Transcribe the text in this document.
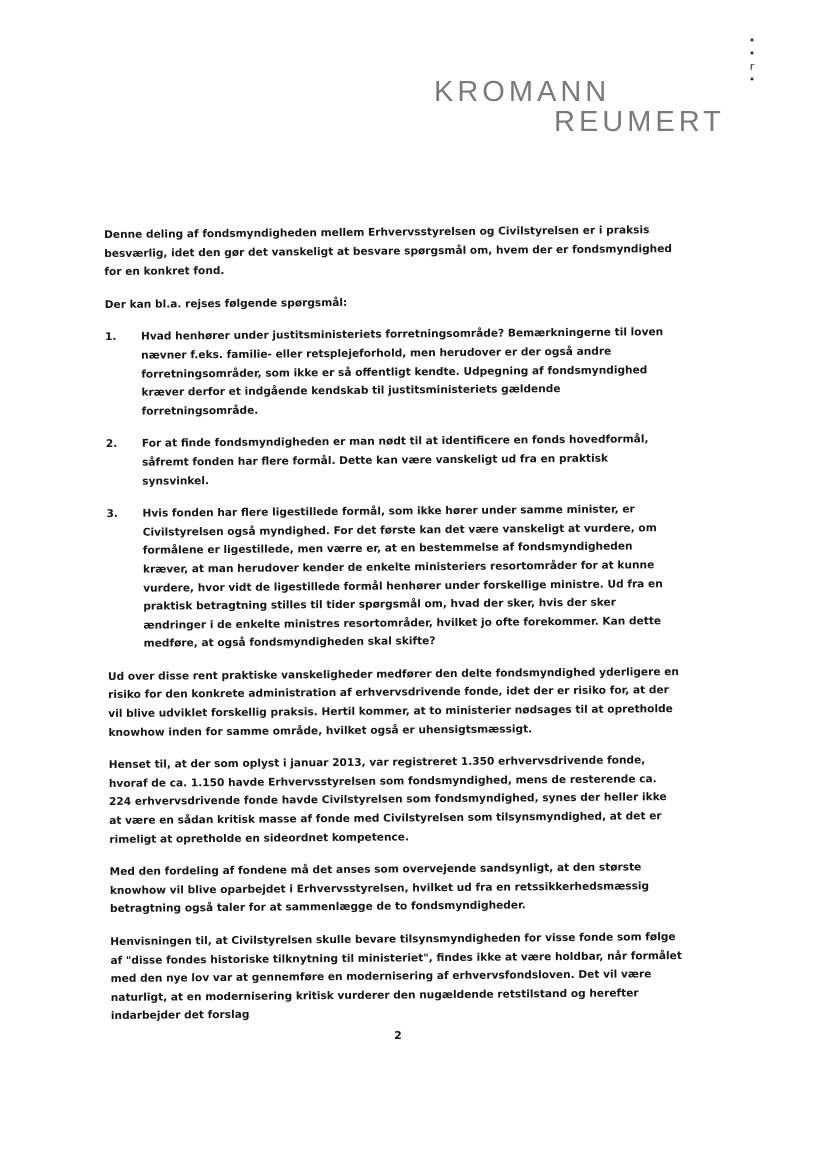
KROMANN
REUMERT
•
•
r
•

Denne deling af fondsmyndigheden mellem Erhvervsstyrelsen og Civilstyrelsen er i praksis besværlig, idet den gør det vanskeligt at besvare spørgsmål om, hvem der er fondsmyndighed for en konkret fond.

Der kan bl.a. rejses følgende spørgsmål:

1. Hvad henhører under justitsministeriets forretningsområde? Bemærkningerne til loven nævner f.eks. familie- eller retsplejeforhold, men herudover er der også andre forretningsområder, som ikke er så offentligt kendte. Udpegning af fondsmyndighed kræver derfor et indgående kendskab til justitsministeriets gældende forretningsområde.
2. For at finde fondsmyndigheden er man nødt til at identificere en fonds hovedformål, såfremt fonden har flere formål. Dette kan være vanskeligt ud fra en praktisk synsvinkel.
3. Hvis fonden har flere ligestillede formål, som ikke hører under samme minister, er Civilstyrelsen også myndighed. For det første kan det være vanskeligt at vurdere, om formålene er ligestillede, men værre er, at en bestemmelse af fondsmyndigheden kræver, at man herudover kender de enkelte ministeriers resortområder for at kunne vurdere, hvor vidt de ligestillede formål henhører under forskellige ministre. Ud fra en praktisk betragtning stilles til tider spørgsmål om, hvad der sker, hvis der sker ændringer i de enkelte ministres resortområder, hvilket jo ofte forekommer. Kan dette medføre, at også fondsmyndigheden skal skifte?

Ud over disse rent praktiske vanskeligheder medfører den delte fondsmyndighed yderligere en risiko for den konkrete administration af erhvervsdrivende fonde, idet der er risiko for, at der vil blive udviklet forskellig praksis. Hertil kommer, at to ministerier nødsages til at opretholde knowhow inden for samme område, hvilket også er uhensigtsmæssigt.

Henset til, at der som oplyst i januar 2013, var registreret 1.350 erhvervsdrivende fonde, hvoraf de ca. 1.150 havde Erhvervsstyrelsen som fondsmyndighed, mens de resterende ca. 224 erhvervsdrivende fonde havde Civilstyrelsen som fondsmyndighed, synes der heller ikke at være en sådan kritisk masse af fonde med Civilstyrelsen som tilsynsmyndighed, at det er rimeligt at opretholde en sideordnet kompetence.

Med den fordeling af fondene må det anses som overvejende sandsynligt, at den største knowhow vil blive oparbejdet i Erhvervsstyrelsen, hvilket ud fra en retssikkerhedsmæssig betragtning også taler for at sammenlægge de to fondsmyndigheder.

Henvisningen til, at Civilstyrelsen skulle bevare tilsynsmyndigheden for visse fonde som følge af "disse fondes historiske tilknytning til ministeriet", findes ikke at være holdbar, når formålet med den nye lov var at gennemføre en modernisering af erhvervsfondsloven. Det vil være naturligt, at en modernisering kritisk vurderer den nugældende retstilstand og herefter indarbejder det forslag

2
